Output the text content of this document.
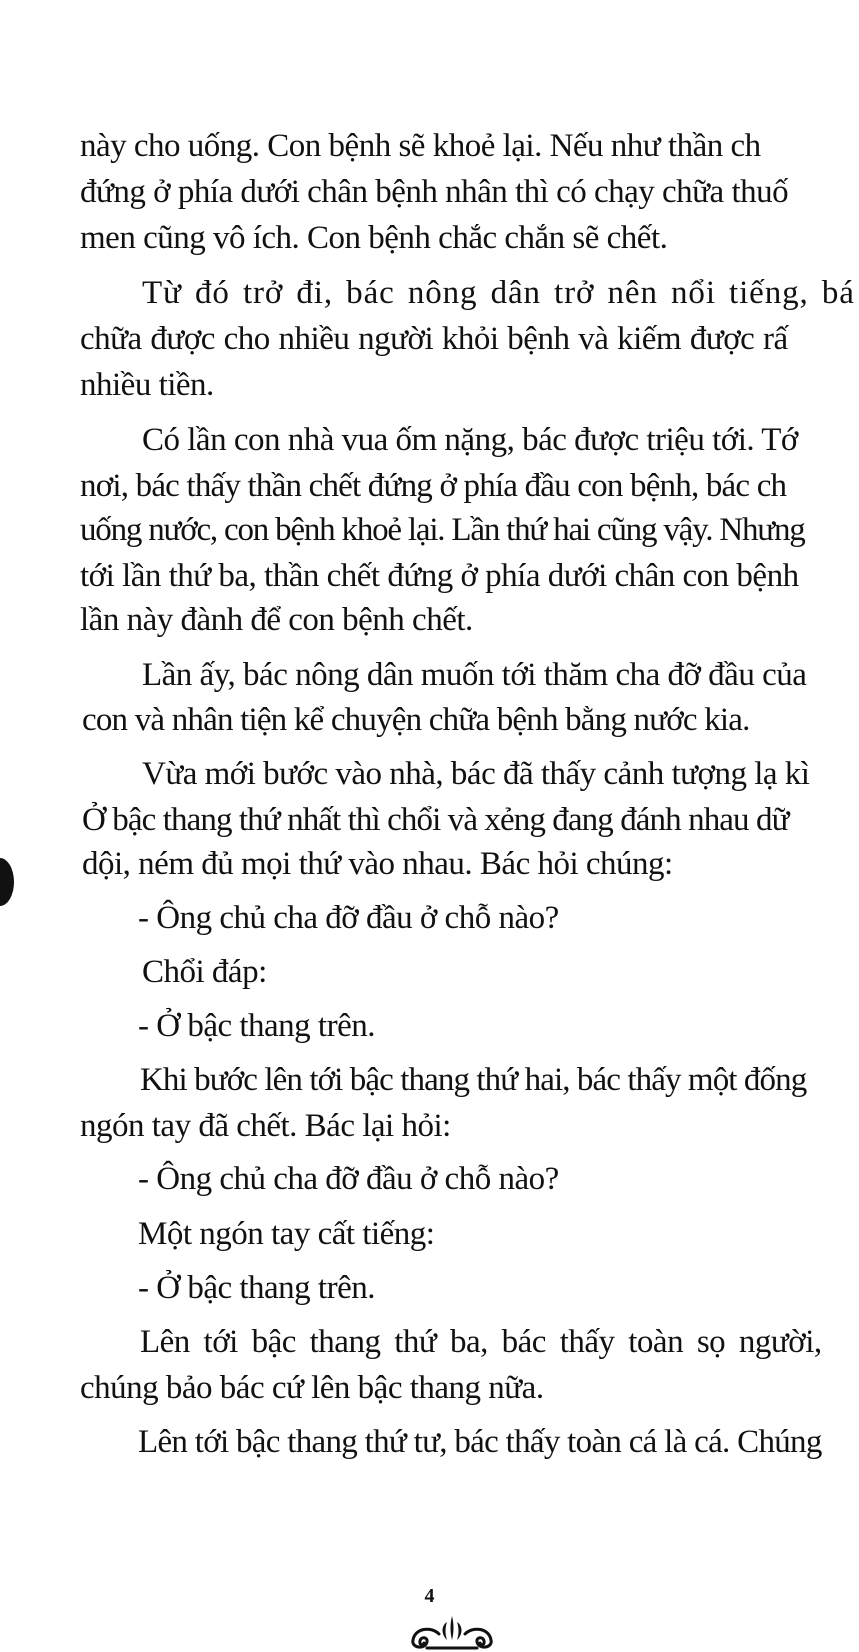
này cho uống. Con bệnh sẽ khoẻ lại. Nếu như thần ch
đứng ở phía dưới chân bệnh nhân thì có chạy chữa thuố
men cũng vô ích. Con bệnh chắc chắn sẽ chết.
Từ đó trở đi, bác nông dân trở nên nổi tiếng, bá
chữa được cho nhiều người khỏi bệnh và kiếm được rấ
nhiều tiền.
Có lần con nhà vua ốm nặng, bác được triệu tới. Tớ
nơi, bác thấy thần chết đứng ở phía đầu con bệnh, bác ch
uống nước, con bệnh khoẻ lại. Lần thứ hai cũng vậy. Nhưng
tới lần thứ ba, thần chết đứng ở phía dưới chân con bệnh
lần này đành để con bệnh chết.
Lần ấy, bác nông dân muốn tới thăm cha đỡ đầu của
con và nhân tiện kể chuyện chữa bệnh bằng nước kia.
Vừa mới bước vào nhà, bác đã thấy cảnh tượng lạ kì
Ở bậc thang thứ nhất thì chổi và xẻng đang đánh nhau dữ
dội, ném đủ mọi thứ vào nhau. Bác hỏi chúng:
- Ông chủ cha đỡ đầu ở chỗ nào?
Chổi đáp:
- Ở bậc thang trên.
Khi bước lên tới bậc thang thứ hai, bác thấy một đống
ngón tay đã chết. Bác lại hỏi:
- Ông chủ cha đỡ đầu ở chỗ nào?
Một ngón tay cất tiếng:
- Ở bậc thang trên.
Lên tới bậc thang thứ ba, bác thấy toàn sọ người,
chúng bảo bác cứ lên bậc thang nữa.
Lên tới bậc thang thứ tư, bác thấy toàn cá là cá. Chúng
4
